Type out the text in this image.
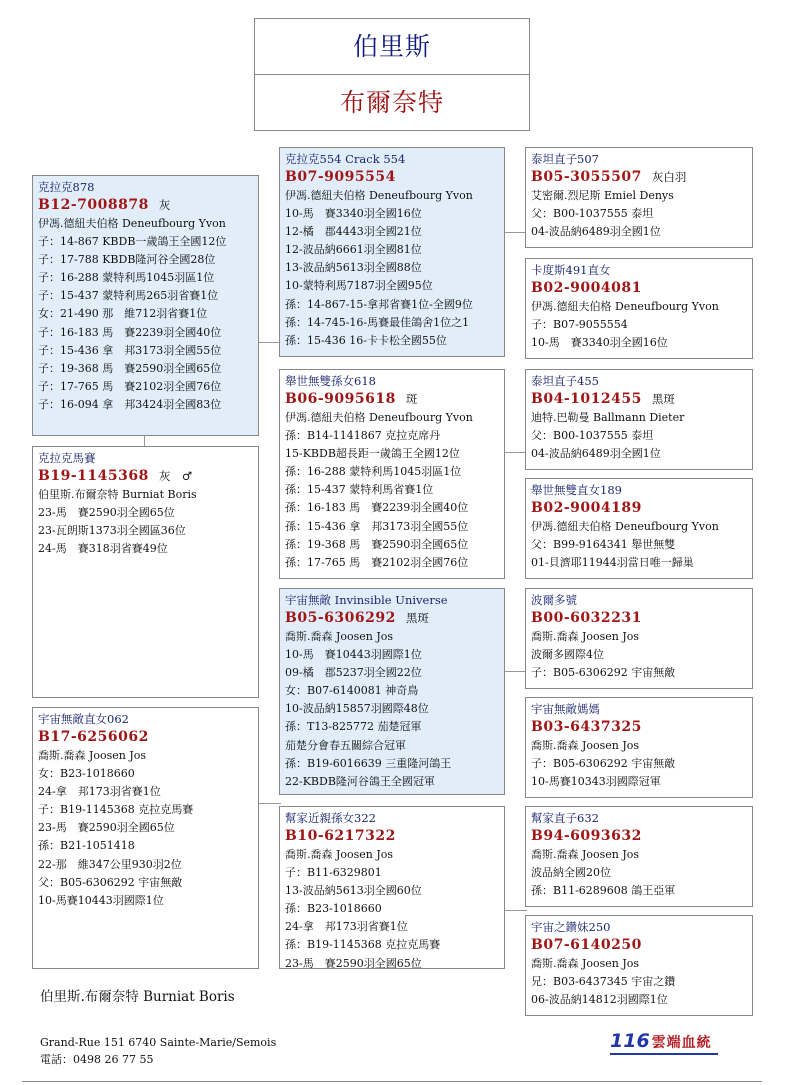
伯里斯
布爾奈特
克拉克878
B12-7008878 灰
伊馮.德紐夫伯格 Deneufbourg Yvon
子：14-867 KBDB一歲鴿王全國12位
子：17-788 KBDB隆河谷全國28位
子：16-288 蒙特利馬1045羽區1位
子：15-437 蒙特利馬265羽省賽1位
女：21-490 那　維712羽省賽1位
子：16-183 馬　賽2239羽全國40位
子：15-436 拿　邦3173羽全國55位
子：19-368 馬　賽2590羽全國65位
子：17-765 馬　賽2102羽全國76位
子：16-094 拿　邦3424羽全國83位
克拉克馬賽
B19-1145368 灰　♂
伯里斯.布爾奈特 Burniat Boris
23-馬　賽2590羽全國65位
23-瓦朗斯1373羽全國區36位
24-馬　賽318羽省賽49位
宇宙無敵直女062
B17-6256062
喬斯.喬森 Joosen Jos
女：B23-1018660
24-拿　邦173羽省賽1位
子：B19-1145368 克拉克馬賽
23-馬　賽2590羽全國65位
孫：B21-1051418
22-那　維347公里930羽2位
父：B05-6306292 宇宙無敵
10-馬賽10443羽國際1位
克拉克554 Crack 554
B07-9095554
伊馮.德紐夫伯格 Deneufbourg Yvon
10-馬　賽3340羽全國16位
12-橘　郡4443羽全國21位
12-波品納6661羽全國81位
13-波品納5613羽全國88位
10-蒙特利馬7187羽全國95位
孫：14-867-15-拿邦省賽1位-全國9位
孫：14-745-16-馬賽最佳鴿舍1位之1
孫：15-436 16-卡卡松全國55位
舉世無雙孫女618
B06-9095618 斑
伊馮.德紐夫伯格 Deneufbourg Yvon
孫：B14-1141867 克拉克席丹
15-KBDB超長距一歲鴿王全國12位
孫：16-288 蒙特利馬1045羽區1位
孫：15-437 蒙特利馬省賽1位
孫：16-183 馬　賽2239羽全國40位
孫：15-436 拿　邦3173羽全國55位
孫：19-368 馬　賽2590羽全國65位
孫：17-765 馬　賽2102羽全國76位
宇宙無敵 Invinsible Universe
B05-6306292 黑斑
喬斯.喬森 Joosen Jos
10-馬　賽10443羽國際1位
09-橘　郡5237羽全國22位
女：B07-6140081 神奇鳥
10-波品納15857羽國際48位
孫：T13-825772 茄楚冠軍
茄楚分會春五關綜合冠軍
孫：B19-6016639 三重隆河鴿王
22-KBDB隆河谷鴿王全國冠軍
幫家近親孫女322
B10-6217322
喬斯.喬森 Joosen Jos
子：B11-6329801
13-波品納5613羽全國60位
孫：B23-1018660
24-拿　邦173羽省賽1位
孫：B19-1145368 克拉克馬賽
23-馬　賽2590羽全國65位
泰坦直子507
B05-3055507 灰白羽
艾密爾.烈尼斯 Emiel Denys
父：B00-1037555 泰坦
04-波品納6489羽全國1位
卡度斯491直女
B02-9004081
伊馮.德紐夫伯格 Deneufbourg Yvon
子：B07-9055554
10-馬　賽3340羽全國16位
泰坦直子455
B04-1012455 黑斑
迪特.巴勒曼 Ballmann Dieter
父：B00-1037555 泰坦
04-波品納6489羽全國1位
舉世無雙直女189
B02-9004189
伊馮.德紐夫伯格 Deneufbourg Yvon
父：B99-9164341 舉世無雙
01-貝濟耶11944羽當日唯一歸巢
波爾多號
B00-6032231
喬斯.喬森 Joosen Jos
波爾多國際4位
子：B05-6306292 宇宙無敵
宇宙無敵媽媽
B03-6437325
喬斯.喬森 Joosen Jos
子：B05-6306292 宇宙無敵
10-馬賽10343羽國際冠軍
幫家直子632
B94-6093632
喬斯.喬森 Joosen Jos
波品納全國20位
孫：B11-6289608 鴿王亞軍
宇宙之鑽妹250
B07-6140250
喬斯.喬森 Joosen Jos
兄：B03-6437345 宇宙之鑽
06-波品納14812羽國際1位
伯里斯.布爾奈特 Burniat Boris
Grand-Rue 151 6740 Sainte-Marie/Semois
電話：0498 26 77 55
116 雲端血統
